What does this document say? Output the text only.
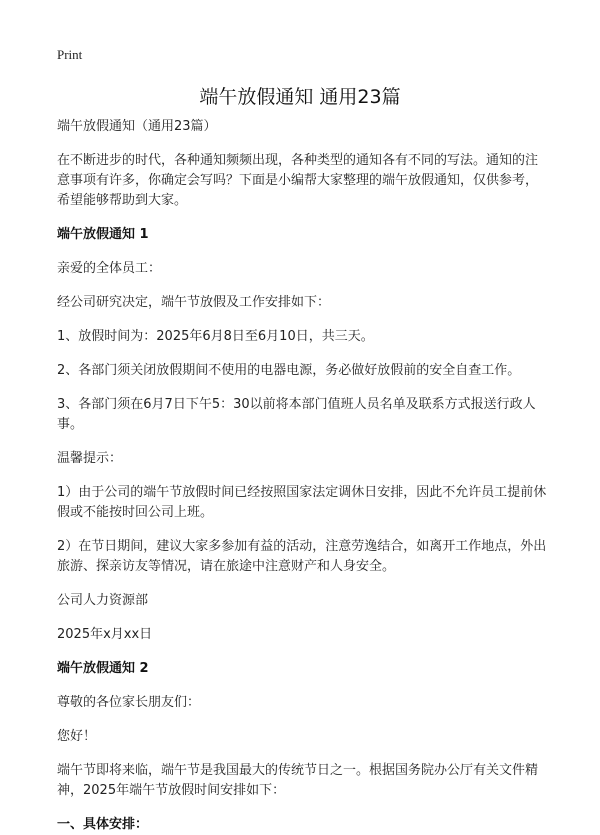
Print
端午放假通知 通用23篇

端午放假通知（通用23篇）

在不断进步的时代，各种通知频频出现，各种类型的通知各有不同的写法。通知的注意事项有许多，你确定会写吗？下面是小编帮大家整理的端午放假通知，仅供参考，希望能够帮助到大家。

端午放假通知 1

亲爱的全体员工：

经公司研究决定，端午节放假及工作安排如下：

1、放假时间为：2025年6月8日至6月10日，共三天。

2、各部门须关闭放假期间不使用的电器电源，务必做好放假前的安全自查工作。

3、各部门须在6月7日下午5：30以前将本部门值班人员名单及联系方式报送行政人事。

温馨提示：

1）由于公司的端午节放假时间已经按照国家法定调休日安排，因此不允许员工提前休假或不能按时回公司上班。

2）在节日期间，建议大家多参加有益的活动，注意劳逸结合，如离开工作地点，外出旅游、探亲访友等情况，请在旅途中注意财产和人身安全。

公司人力资源部

2025年x月xx日

端午放假通知 2

尊敬的各位家长朋友们：

您好！

端午节即将来临，端午节是我国最大的传统节日之一。根据国务院办公厅有关文件精神，2025年端午节放假时间安排如下：

一、具体安排：
